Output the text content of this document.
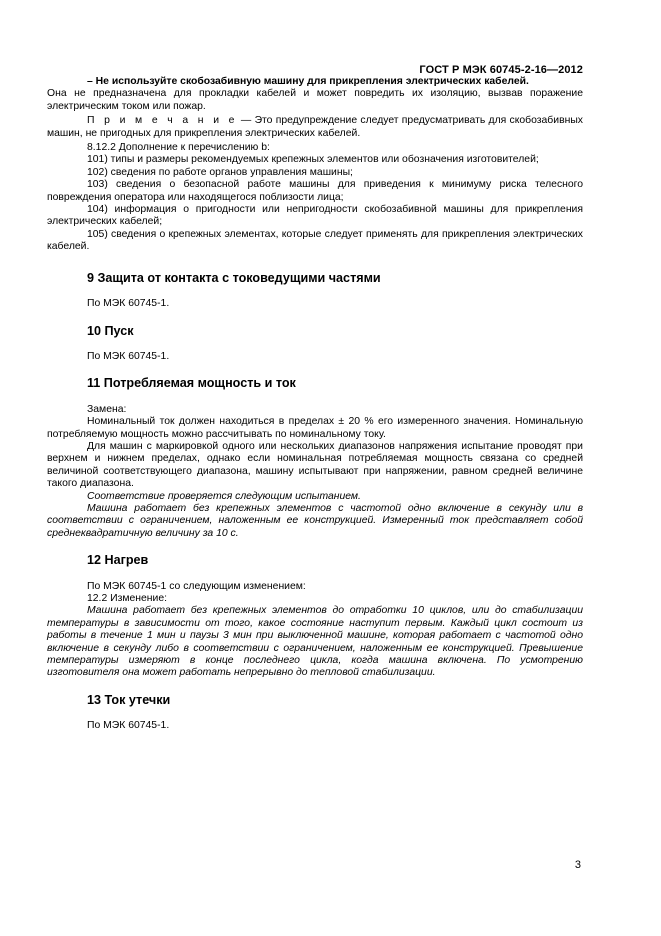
ГОСТ Р МЭК 60745-2-16—2012

– Не используйте скобозабивную машину для прикрепления электрических кабелей.

Она не предназначена для прокладки кабелей и может повредить их изоляцию, вызвав поражение электрическим током или пожар.

П р и м е ч а н и е — Это предупреждение следует предусматривать для скобозабивных машин, не пригодных для прикрепления электрических кабелей.

8.12.2 Дополнение к перечислению b:

101) типы и размеры рекомендуемых крепежных элементов или обозначения изготовителей;

102) сведения по работе органов управления машины;

103) сведения о безопасной работе машины для приведения к минимуму риска телесного повреждения оператора или находящегося поблизости лица;

104) информация о пригодности или непригодности скобозабивной машины для прикрепления электрических кабелей;

105) сведения о крепежных элементах, которые следует применять для прикрепления электрических кабелей.

9 Защита от контакта с токоведущими частями

По МЭК 60745-1.

10 Пуск

По МЭК 60745-1.

11 Потребляемая мощность и ток

Замена:

Номинальный ток должен находиться в пределах ± 20 % его измеренного значения. Номинальную потребляемую мощность можно рассчитывать по номинальному току.

Для машин с маркировкой одного или нескольких диапазонов напряжения испытание проводят при верхнем и нижнем пределах, однако если номинальная потребляемая мощность связана со средней величиной соответствующего диапазона, машину испытывают при напряжении, равном средней величине такого диапазона.

Соответствие проверяется следующим испытанием.

Машина работает без крепежных элементов с частотой одно включение в секунду или в соответствии с ограничением, наложенным ее конструкцией. Измеренный ток представляет собой среднеквадратичную величину за 10 с.

12 Нагрев

По МЭК 60745-1 со следующим изменением:

12.2 Изменение:

Машина работает без крепежных элементов до отработки 10 циклов, или до стабилизации температуры в зависимости от того, какое состояние наступит первым. Каждый цикл состоит из работы в течение 1 мин и паузы 3 мин при выключенной машине, которая работает с частотой одно включение в секунду либо в соответствии с ограничением, наложенным ее конструкцией. Превышение температуры измеряют в конце последнего цикла, когда машина включена. По усмотрению изготовителя она может работать непрерывно до тепловой стабилизации.

13 Ток утечки

По МЭК 60745-1.

3
